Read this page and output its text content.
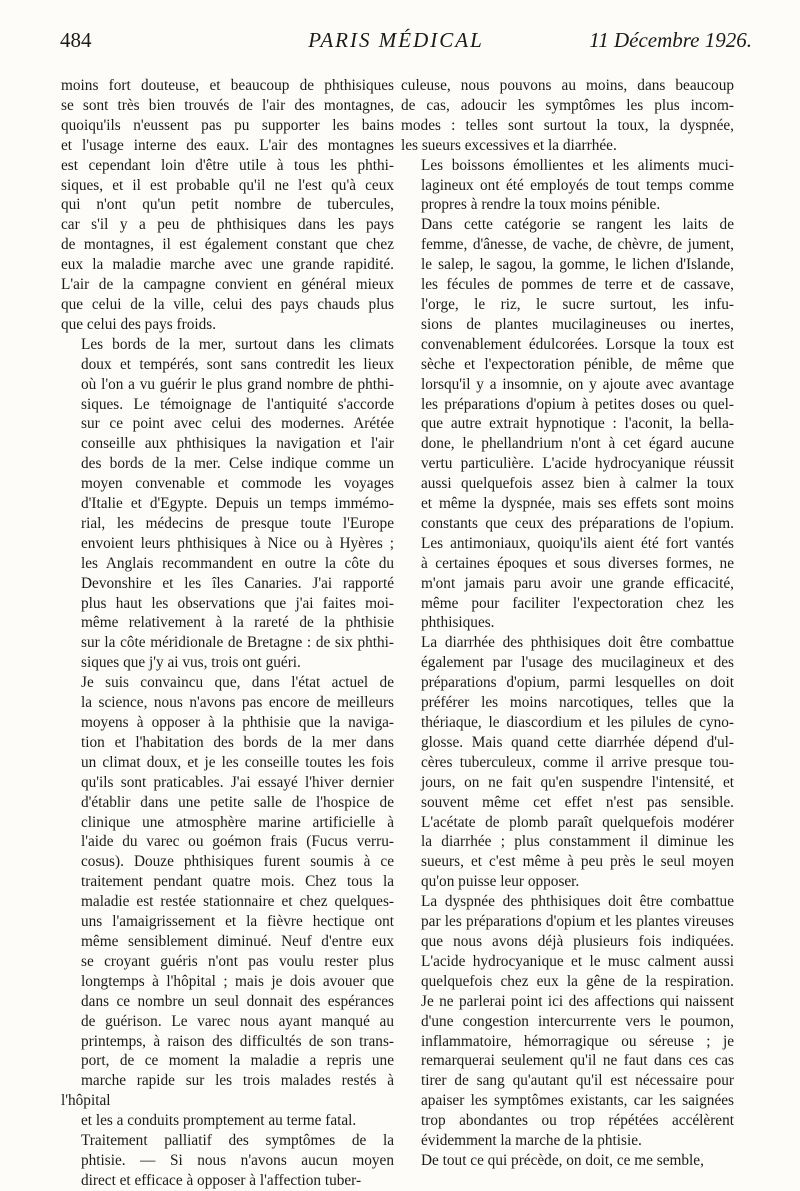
484	PARIS MÉDICAL	11 Décembre 1926.

moins fort douteuse, et beaucoup de phthisiques
se sont très bien trouvés de l'air des montagnes,
quoiqu'ils n'eussent pas pu supporter les bains
et l'usage interne des eaux. L'air des montagnes
est cependant loin d'être utile à tous les phthi-
siques, et il est probable qu'il ne l'est qu'à ceux
qui n'ont qu'un petit nombre de tubercules,
car s'il y a peu de phthisiques dans les pays
de montagnes, il est également constant que chez
eux la maladie marche avec une grande rapidité.
L'air de la campagne convient en général mieux
que celui de la ville, celui des pays chauds plus
que celui des pays froids.

Les bords de la mer, surtout dans les climats
doux et tempérés, sont sans contredit les lieux
où l'on a vu guérir le plus grand nombre de phthi-
siques. Le témoignage de l'antiquité s'accorde
sur ce point avec celui des modernes. Arétée
conseille aux phthisiques la navigation et l'air
des bords de la mer. Celse indique comme un
moyen convenable et commode les voyages
d'Italie et d'Egypte. Depuis un temps immémo-
rial, les médecins de presque toute l'Europe
envoient leurs phthisiques à Nice ou à Hyères ;
les Anglais recommandent en outre la côte du
Devonshire et les îles Canaries. J'ai rapporté
plus haut les observations que j'ai faites moi-
même relativement à la rareté de la phthisie
sur la côte méridionale de Bretagne : de six phthi-
siques que j'y ai vus, trois ont guéri.

Je suis convaincu que, dans l'état actuel de
la science, nous n'avons pas encore de meilleurs
moyens à opposer à la phthisie que la naviga-
tion et l'habitation des bords de la mer dans
un climat doux, et je les conseille toutes les fois
qu'ils sont praticables. J'ai essayé l'hiver dernier
d'établir dans une petite salle de l'hospice de
clinique une atmosphère marine artificielle à
l'aide du varec ou goémon frais (Fucus verru-
cosus). Douze phthisiques furent soumis à ce
traitement pendant quatre mois. Chez tous la
maladie est restée stationnaire et chez quelques-
uns l'amaigrissement et la fièvre hectique ont
même sensiblement diminué. Neuf d'entre eux
se croyant guéris n'ont pas voulu rester plus
longtemps à l'hôpital ; mais je dois avouer que
dans ce nombre un seul donnait des espérances
de guérison. Le varec nous ayant manqué au
printemps, à raison des difficultés de son trans-
port, de ce moment la maladie a repris une
marche rapide sur les trois malades restés à l'hôpital
et les a conduits promptement au terme fatal.

Traitement palliatif des symptômes de la
phtisie. — Si nous n'avons aucun moyen
direct et efficace à opposer à l'affection tuber-

culeuse, nous pouvons au moins, dans beaucoup
de cas, adoucir les symptômes les plus incom-
modes : telles sont surtout la toux, la dyspnée,
les sueurs excessives et la diarrhée.

Les boissons émollientes et les aliments muci-
lagineux ont été employés de tout temps comme
propres à rendre la toux moins pénible.

Dans cette catégorie se rangent les laits de
femme, d'ânesse, de vache, de chèvre, de jument,
le salep, le sagou, la gomme, le lichen d'Islande,
les fécules de pommes de terre et de cassave,
l'orge, le riz, le sucre surtout, les infu-
sions de plantes mucilagineuses ou inertes,
convenablement édulcorées. Lorsque la toux est
sèche et l'expectoration pénible, de même que
lorsqu'il y a insomnie, on y ajoute avec avantage
les préparations d'opium à petites doses ou quel-
que autre extrait hypnotique : l'aconit, la bella-
done, le phellandrium n'ont à cet égard aucune
vertu particulière. L'acide hydrocyanique réussit
aussi quelquefois assez bien à calmer la toux
et même la dyspnée, mais ses effets sont moins
constants que ceux des préparations de l'opium.
Les antimoniaux, quoiqu'ils aient été fort vantés
à certaines époques et sous diverses formes, ne
m'ont jamais paru avoir une grande efficacité,
même pour faciliter l'expectoration chez les
phthisiques.

La diarrhée des phthisiques doit être combattue
également par l'usage des mucilagineux et des
préparations d'opium, parmi lesquelles on doit
préférer les moins narcotiques, telles que la
thériaque, le diascordium et les pilules de cyno-
glosse. Mais quand cette diarrhée dépend d'ul-
cères tuberculeux, comme il arrive presque tou-
jours, on ne fait qu'en suspendre l'intensité, et
souvent même cet effet n'est pas sensible.
L'acétate de plomb paraît quelquefois modérer
la diarrhée ; plus constamment il diminue les
sueurs, et c'est même à peu près le seul moyen
qu'on puisse leur opposer.

La dyspnée des phthisiques doit être combattue
par les préparations d'opium et les plantes vireuses
que nous avons déjà plusieurs fois indiquées.
L'acide hydrocyanique et le musc calment aussi
quelquefois chez eux la gêne de la respiration.
Je ne parlerai point ici des affections qui naissent
d'une congestion intercurrente vers le poumon,
inflammatoire, hémorragique ou séreuse ; je
remarquerai seulement qu'il ne faut dans ces cas
tirer de sang qu'autant qu'il est nécessaire pour
apaiser les symptômes existants, car les saignées
trop abondantes ou trop répétées accélèrent
évidemment la marche de la phtisie.

De tout ce qui précède, on doit, ce me semble,
